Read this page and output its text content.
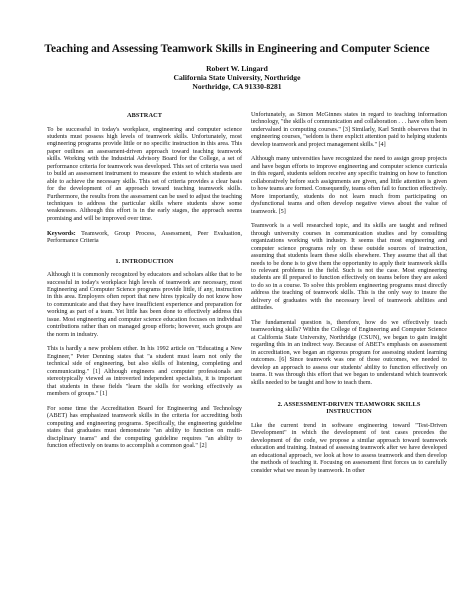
Teaching and Assessing Teamwork Skills in Engineering and Computer Science
Robert W. Lingard
California State University, Northridge
Northridge, CA 91330-8281
ABSTRACT

To be successful in today's workplace, engineering and computer science students must possess high levels of teamwork skills. Unfortunately, most engineering programs provide little or no specific instruction in this area. This paper outlines an assessment-driven approach toward teaching teamwork skills. Working with the Industrial Advisory Board for the College, a set of performance criteria for teamwork was developed. This set of criteria was used to build an assessment instrument to measure the extent to which students are able to achieve the necessary skills. This set of criteria provides a clear basis for the development of an approach toward teaching teamwork skills. Furthermore, the results from the assessment can be used to adjust the teaching techniques to address the particular skills where students show some weaknesses. Although this effort is in the early stages, the approach seems promising and will be improved over time.

Keywords: Teamwork, Group Process, Assessment, Peer Evaluation, Performance Criteria

1. INTRODUCTION

Although it is commonly recognized by educators and scholars alike that to be successful in today's workplace high levels of teamwork are necessary, most Engineering and Computer Science programs provide little, if any, instruction in this area. Employers often report that new hires typically do not know how to communicate and that they have insufficient experience and preparation for working as part of a team. Yet little has been done to effectively address this issue. Most engineering and computer science education focuses on individual contributions rather than on managed group efforts; however, such groups are the norm in industry.

This is hardly a new problem either. In his 1992 article on "Educating a New Engineer," Peter Denning states that "a student must learn not only the technical side of engineering, but also skills of listening, completing and communicating." [1] Although engineers and computer professionals are stereotypically viewed as introverted independent specialists, it is important that students in these fields "learn the skills for working effectively as members of groups." [1]

For some time the Accreditation Board for Engineering and Technology (ABET) has emphasized teamwork skills in the criteria for accrediting both computing and engineering programs. Specifically, the engineering guideline states that graduates must demonstrate "an ability to function on multi-disciplinary teams" and the computing guideline requires "an ability to function effectively on teams to accomplish a common goal." [2]

Unfortunately, as Simon McGinnes states in regard to teaching information technology, "the skills of communication and collaboration . . . have often been undervalued in computing courses." [3] Similarly, Karl Smith observes that in engineering courses, "seldom is there explicit attention paid to helping students develop teamwork and project management skills." [4]

Although many universities have recognized the need to assign group projects and have begun efforts to improve engineering and computer science curricula in this regard, students seldom receive any specific training on how to function collaboratively before such assignments are given, and little attention is given to how teams are formed. Consequently, teams often fail to function effectively. More importantly, students do not learn much from participating on dysfunctional teams and often develop negative views about the value of teamwork. [5]

Teamwork is a well researched topic, and its skills are taught and refined through university courses in communication studies and by consulting organizations working with industry. It seems that most engineering and computer science programs rely on these outside sources of instruction, assuming that students learn these skills elsewhere. They assume that all that needs to be done is to give them the opportunity to apply their teamwork skills to relevant problems in the field. Such is not the case. Most engineering students are ill prepared to function effectively on teams before they are asked to do so in a course. To solve this problem engineering programs must directly address the teaching of teamwork skills. This is the only way to insure the delivery of graduates with the necessary level of teamwork abilities and attitudes.

The fundamental question is, therefore, how do we effectively teach teamworking skills? Within the College of Engineering and Computer Science at California State University, Northridge (CSUN), we began to gain insight regarding this in an indirect way. Because of ABET's emphasis on assessment in accreditation, we began an rigorous program for assessing student learning outcomes. [6] Since teamwork was one of those outcomes, we needed to develop an approach to assess our students' ability to function effectively on teams. It was through this effort that we began to understand which teamwork skills needed to be taught and how to teach them.

2. ASSESSMENT-DRIVEN TEAMWORK SKILLS
INSTRUCTION

Like the current trend in software engineering toward "Test-Driven Development" in which the development of test cases precedes the development of the code, we propose a similar approach toward teamwork education and training. Instead of assessing teamwork after we have developed an educational approach, we look at how to assess teamwork and then develop the methods of teaching it. Focusing on assessment first forces us to carefully consider what we mean by teamwork. In other
